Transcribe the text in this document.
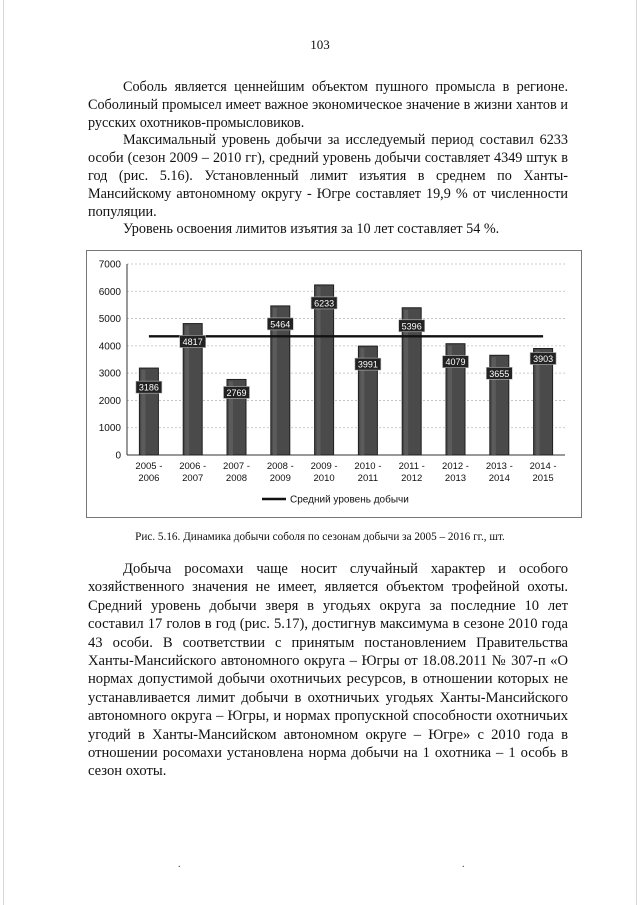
103

Соболь является ценнейшим объектом пушного промысла в регионе. Соболиный промысел имеет важное экономическое значение в жизни хантов и русских охотников-промысловиков.

Максимальный уровень добычи за исследуемый период составил 6233 особи (сезон 2009 – 2010 гг), средний уровень добычи составляет 4349 штук в год (рис. 5.16). Установленный лимит изъятия в среднем по Ханты-Мансийскому автономному округу - Югре составляет 19,9 % от численности популяции.

Уровень освоения лимитов изъятия за 10 лет составляет 54 %.

0
1000
2000
3000
4000
5000
6000
7000
3186
4817
2769
5464
6233
3991
5396
4079
3655
3903
2005 -
2006
2006 -
2007
2007 -
2008
2008 -
2009
2009 -
2010
2010 -
2011
2011 -
2012
2012 -
2013
2013 -
2014
2014 -
2015
Средний уровень добычи
Рис. 5.16. Динамика добычи соболя по сезонам добычи за 2005 – 2016 гг., шт.

Добыча росомахи чаще носит случайный характер и особого хозяйственного значения не имеет, является объектом трофейной охоты. Средний уровень добычи зверя в угодьях округа за последние 10 лет составил 17 голов в год (рис. 5.17), достигнув максимума в сезоне 2010 года 43 особи. В соответствии с принятым постановлением Правительства Ханты-Мансийского автономного округа – Югры от 18.08.2011 № 307-п «О нормах допустимой добычи охотничьих ресурсов, в отношении которых не устанавливается лимит добычи в охотничьих угодьях Ханты-Мансийского автономного округа – Югры, и нормах пропускной способности охотничьих угодий в Ханты-Мансийском автономном округе – Югре» с 2010 года в отношении росомахи установлена норма добычи на 1 охотника – 1 особь в сезон охоты.

.	.
